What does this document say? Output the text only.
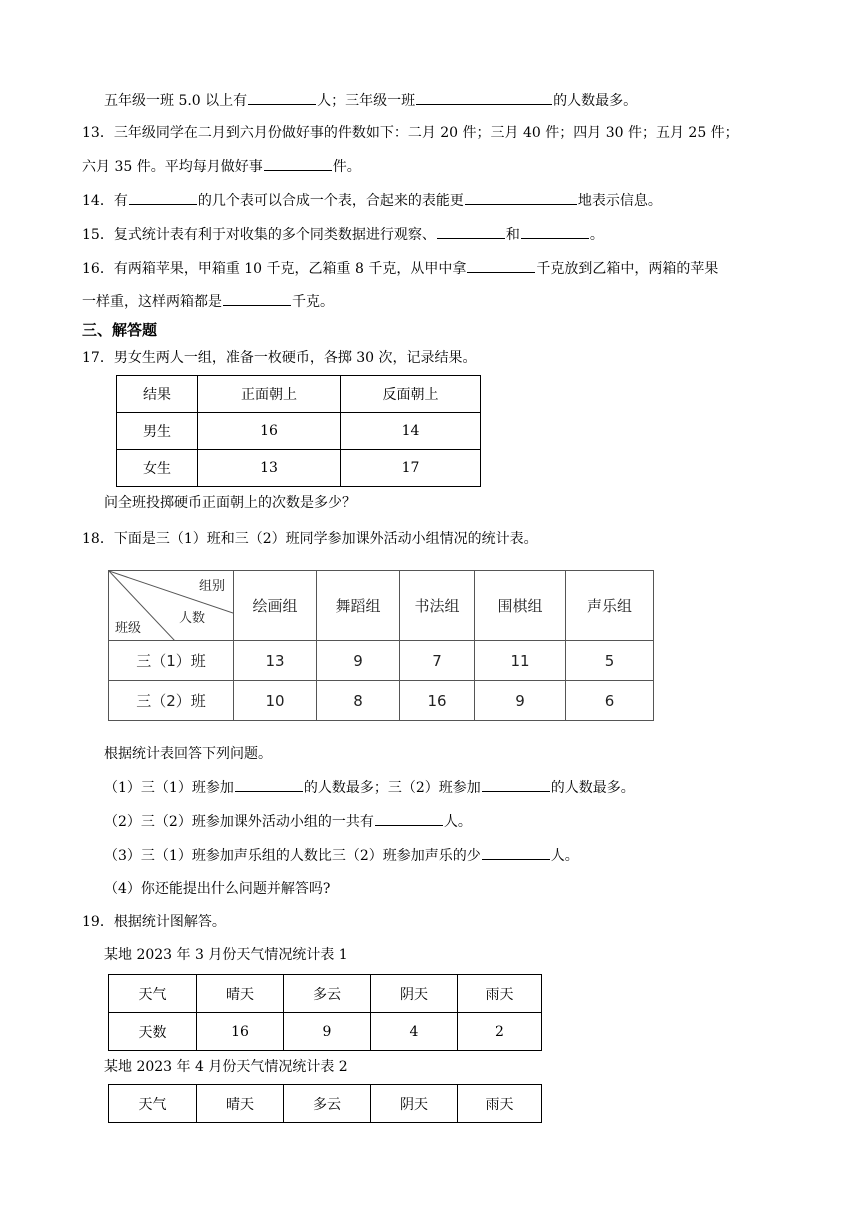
五年级一班 5.0 以上有	人；三年级一班	的人数最多。
13．三年级同学在二月到六月份做好事的件数如下：二月 20 件；三月 40 件；四月 30 件；五月 25 件；
六月 35 件。平均每月做好事	件。
14．有	的几个表可以合成一个表，合起来的表能更	地表示信息。
15．复式统计表有利于对收集的多个同类数据进行观察、	和	。
16．有两箱苹果，甲箱重 10 千克，乙箱重 8 千克，从甲中拿	千克放到乙箱中，两箱的苹果
一样重，这样两箱都是	千克。
三、解答题
17．男女生两人一组，准备一枚硬币，各掷 30 次，记录结果。
结果	正面朝上	反面朝上
男生	16	14
女生	13	17
问全班投掷硬币正面朝上的次数是多少？
18．下面是三（1）班和三（2）班同学参加课外活动小组情况的统计表。
组别
人数
班级	绘画组	舞蹈组	书法组	围棋组	声乐组
三（1）班	13	9	7	11	5
三（2）班	10	8	16	9	6
根据统计表回答下列问题。
（1）三（1）班参加	的人数最多；三（2）班参加	的人数最多。
（2）三（2）班参加课外活动小组的一共有	人。
（3）三（1）班参加声乐组的人数比三（2）班参加声乐的少	人。
（4）你还能提出什么问题并解答吗?
19．根据统计图解答。
某地 2023 年 3 月份天气情况统计表 1
天气	晴天	多云	阴天	雨天
天数	16	9	4	2
某地 2023 年 4 月份天气情况统计表 2
天气	晴天	多云	阴天	雨天
